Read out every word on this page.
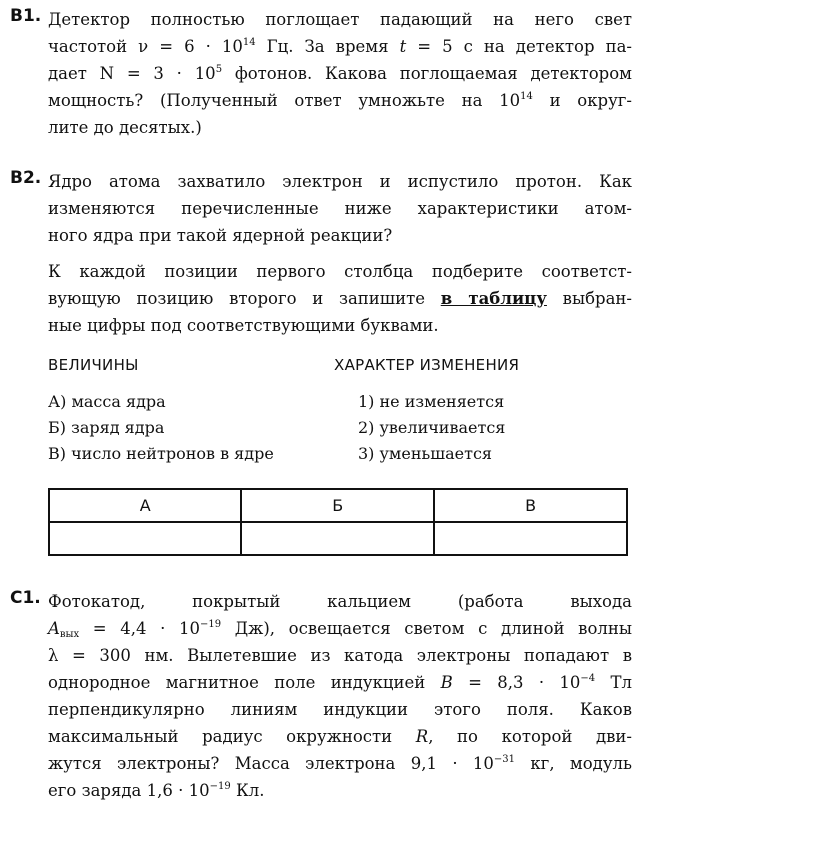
B1. Детектор полностью поглощает падающий на него свет
частотой $\nu = 6 \cdot 10^{14}$ Гц. За время t = 5 с на детектор па-
дает $N = 3 \cdot 10^5$ фотонов. Какова поглощаемая детектором
мощность? (Полученный ответ умножьте на $10^{14}$ и округ-
лите до десятых.)
B2. Ядро атома захватило электрон и испустило протон. Как
изменяются перечисленные ниже характеристики атом-
ного ядра при такой ядерной реакции?
К каждой позиции первого столбца подберите соответст-
вующую позицию второго и запишите в таблицу выбран-
ные цифры под соответствующими буквами.
ВЕЛИЧИНЫ	ХАРАКТЕР ИЗМЕНЕНИЯ
А) масса ядра	1) не изменяется
Б) заряд ядра	2) увеличивается
В) число нейтронов в ядре	3) уменьшается
А	Б	В

C1. Фотокатод, покрытый кальцием (работа выхода
$A_{вых} = 4,4 \cdot 10^{-19}$ Дж), освещается светом с длиной волны
λ = 300 нм. Вылетевшие из катода электроны попадают в
однородное магнитное поле индукцией $B = 8,3 \cdot 10^{-4}$ Тл
перпендикулярно линиям индукции этого поля. Каков
максимальный радиус окружности R, по которой дви-
жутся электроны? Масса электрона $9,1 \cdot 10^{-31}$ кг, модуль
его заряда $1,6 \cdot 10^{-19}$ Кл.
